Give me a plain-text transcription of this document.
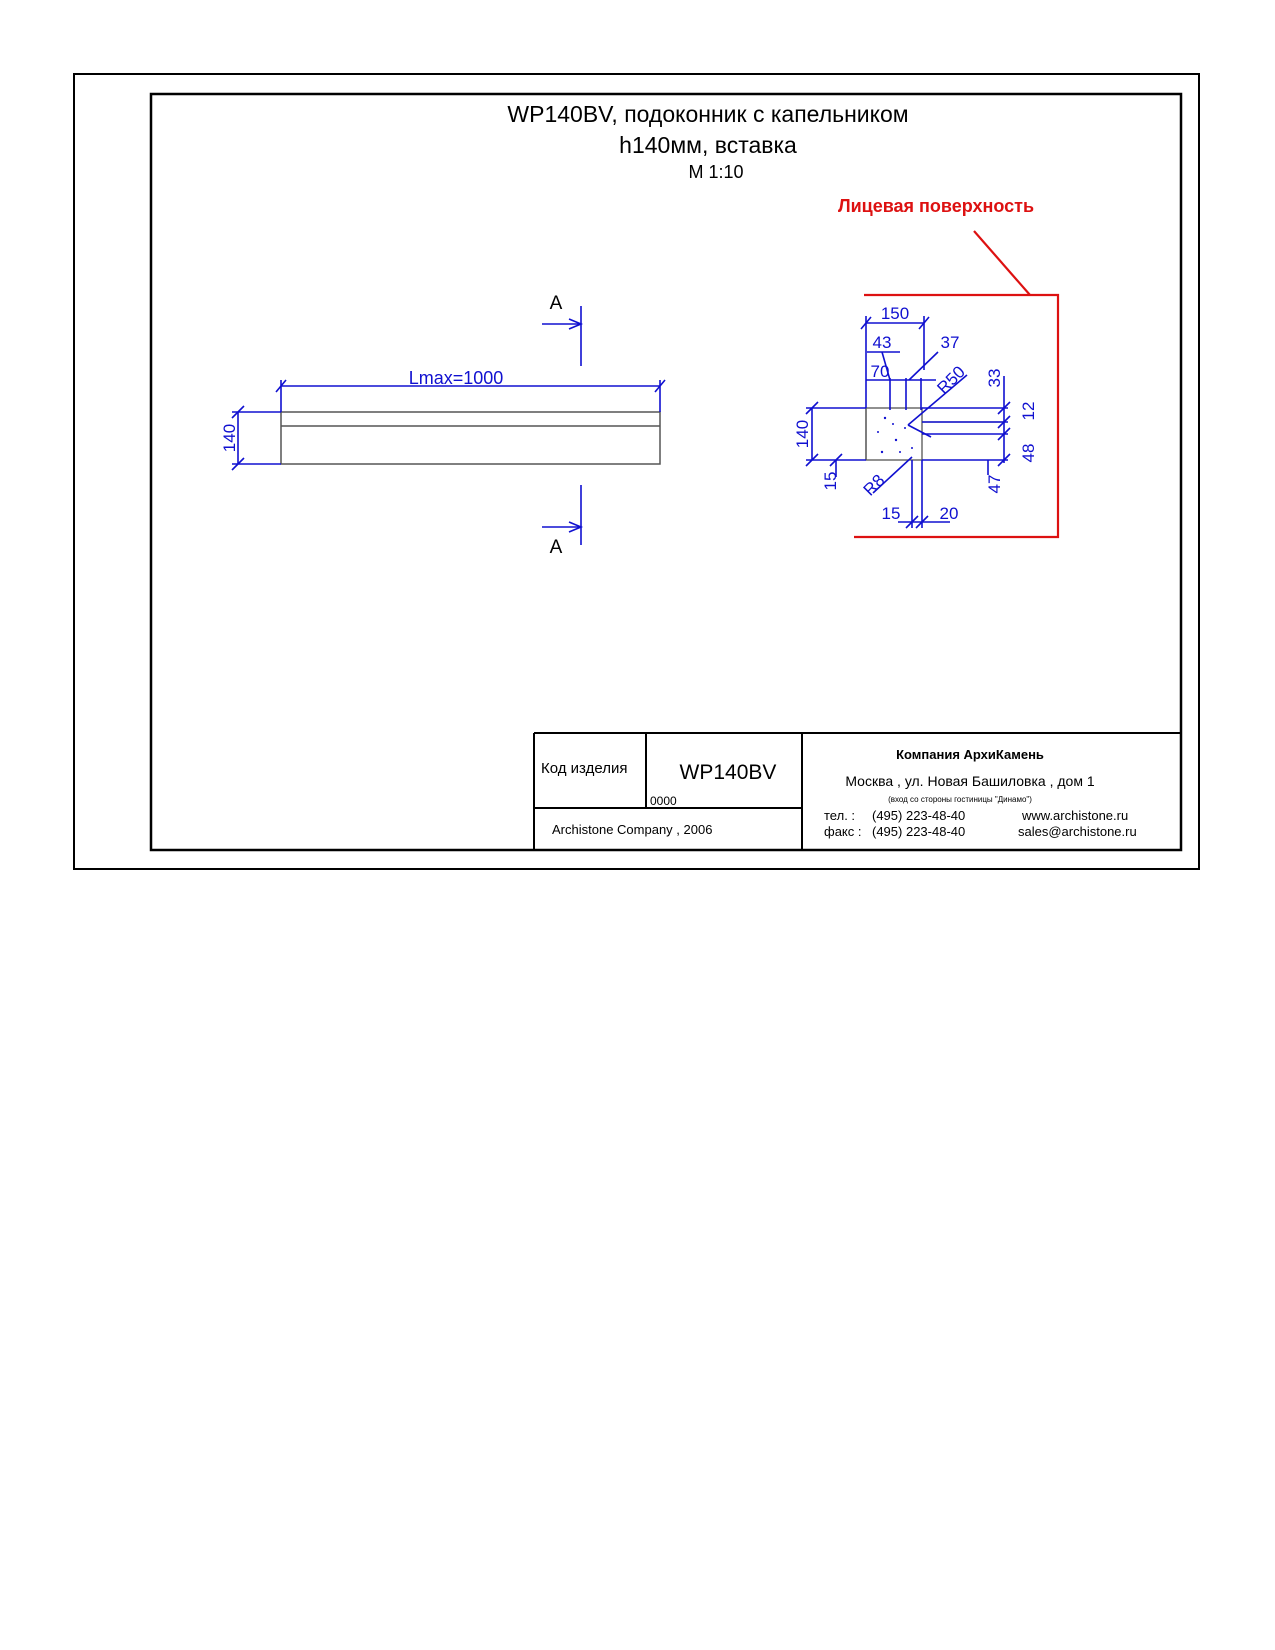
WP140BV, подоконник с капельником
h140мм, вставка
М 1:10
Lmax=1000
140
А
А
Лицевая поверхность
150
43	37
70	R50 33
12
140
48
15 R8	47
15 20
Код изделия WP140BV
0000
Archistone Company , 2006
Компания АрхиКамень
Москва , ул. Новая Башиловка , дом 1
(вход со стороны гостиницы "Динамо")
тел. : (495) 223-48-40
факс : (495) 223-48-40
www.archistone.ru
sales@archistone.ru
